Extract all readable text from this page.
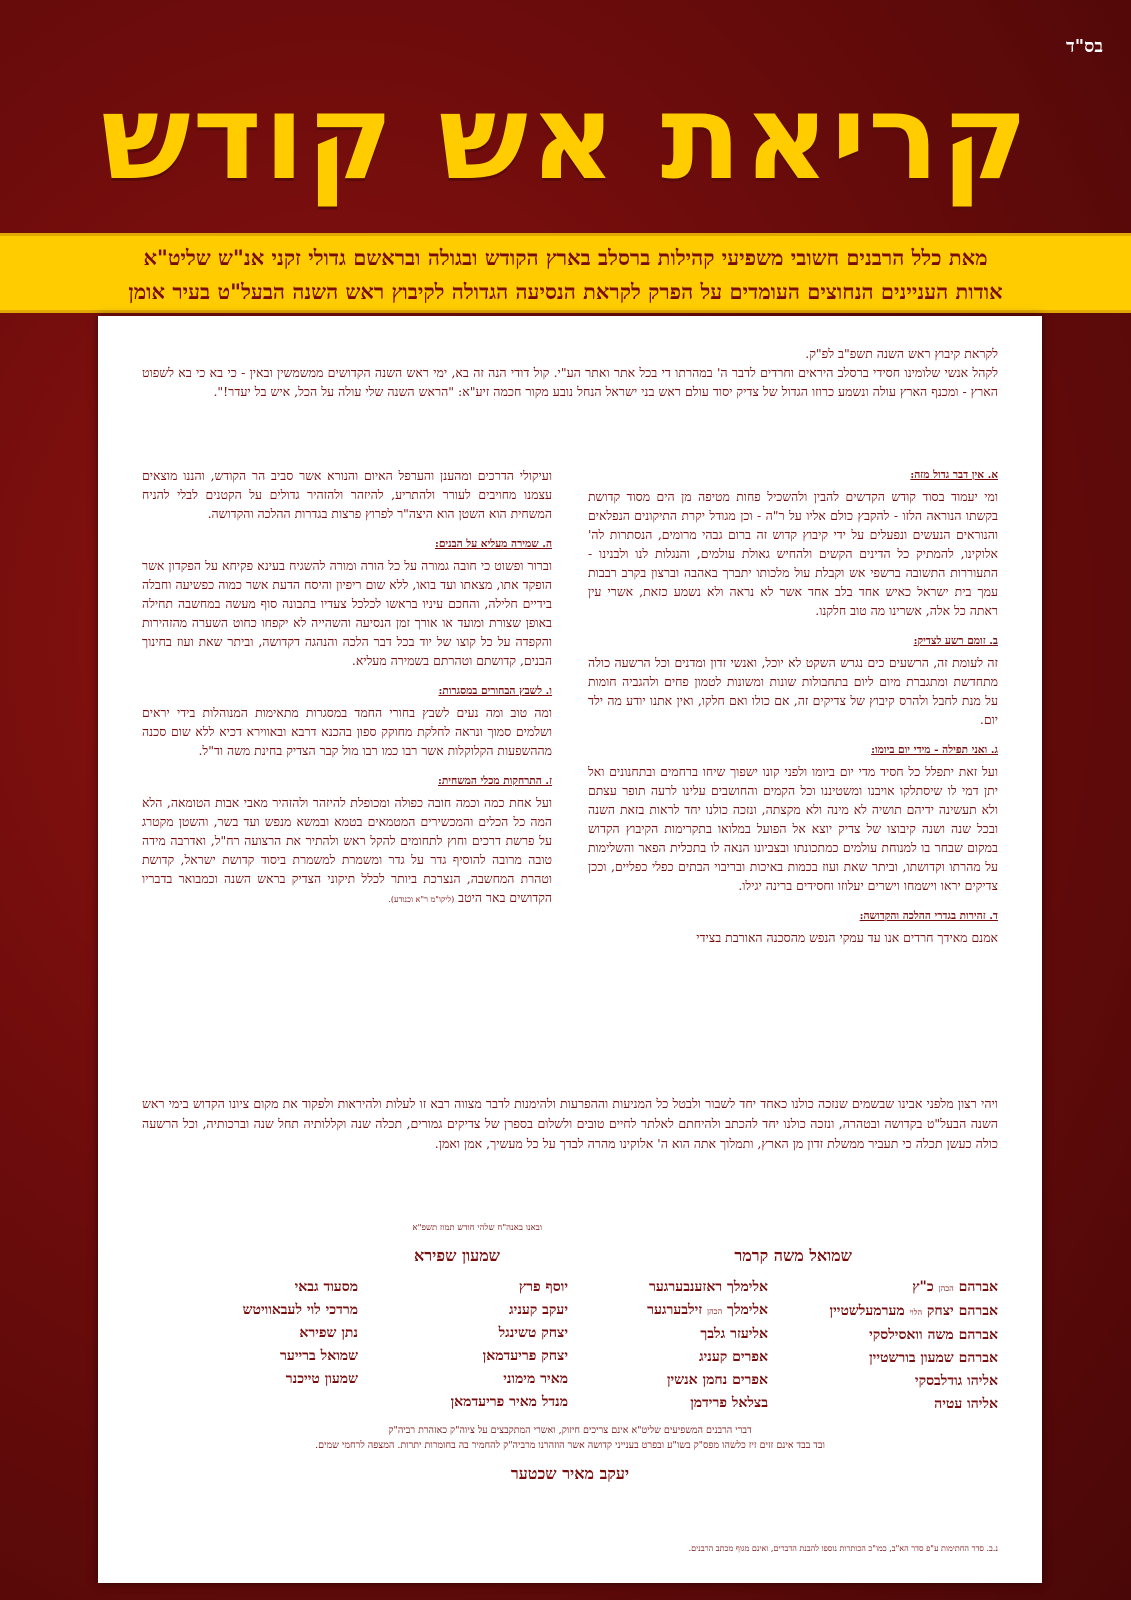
בס"ד
קריאת אש קודש
מאת כלל הרבנים חשובי משפיעי קהילות ברסלב בארץ הקודש ובגולה ובראשם גדולי זקני אנ"ש שליט"א
אודות העניינים הנחוצים העומדים על הפרק לקראת הנסיעה הגדולה לקיבוץ ראש השנה הבעל"ט בעיר אומן

לקראת קיבוץ ראש השנה תשפ"ב לפ"ק.

לקהל אנשי שלומינו חסידי ברסלב היראים וחרדים לדבר ה' במהרתו די בכל אתר ואתר הע"י. קול דודי הנה זה בא, ימי ראש השנה הקדושים ממשמשין ובאין - כי בא כי בא לשפוט הארץ - ומכנף הארץ עולה ונשמע כרוזו הגדול של צדיק יסוד עולם ראש בני ישראל הנחל נובע מקור חכמה זיע"א: "הראש השנה שלי עולה על הכל, איש בל יעדר!".

א. אין דבר גדול מזה:

ומי יעמוד בסוד קודש הקדשים להבין ולהשכיל פחות מטיפה מן הים מסוד קדושת בקשתו הנוראה הלזו - להקבץ כולם אליו על ר"ה - וכן מגודל יקרת התיקונים הנפלאים והנוראים הנעשים ונפעלים על ידי קיבוץ קדוש זה ברום גבהי מרומים, הנסתרות לה' אלוקינו, להמתיק כל הדינים הקשים ולהחיש גאולת עולמים, והנגלות לנו ולבנינו - התעוררות התשובה ברשפי אש וקבלת עול מלכותו יתברך באהבה וברצון בקרב רבבות עמך בית ישראל כאיש אחד בלב אחד אשר לא נראה ולא נשמע כזאת, אשרי עין ראתה כל אלה, אשרינו מה טוב חלקנו.

ב. זומם רשע לצדיק:

זה לעומת זה, הרשעים כים נגרש השקט לא יוכל, ואנשי זדון ומדנים וכל הרשעה כולה מתחדשת ומתגברת מיום ליום בתחבולות שונות ומשונות לטמון פחים ולהגביה חומות על מנת לחבל ולהרס קיבוץ של צדיקים זה, אם כולו ואם חלקו, ואין אתנו יודע מה ילד יום.

ג. ואני תפילה - מידי יום ביומו:

ועל זאת יתפלל כל חסיד מדי יום ביומו ולפני קונו ישפוך שיחו ברחמים ובתחנונים ואל יתן דמי לו שיסתלקו אויבנו ומשטיננו וכל הקמים והחושבים עלינו לרעה תופר עצתם ולא תעשינה ידיהם תושיה לא מינה ולא מקצתה, ונזכה כולנו יחד לראות בזאת השנה ובכל שנה ושנה קיבוצו של צדיק יוצא אל הפועל במלואו בתקרימות הקיבוץ הקדוש במקום שבחר בו למנוחת עולמים כמתכונתו ובצביונו הנאה לו בתכלית הפאר והשלימות על מהרתו וקדושתו, וביתר שאת ועוז בכמות באיכות ובריבוי הבתים כפלי כפליים, וככן צדיקים יראו וישמחו וישרים יעלוזו וחסידים ברינה יגילו.

ד. זהירות בגדרי ההלכה והקדושה:

אמנם מאידך חרדים אנו עד עמקי הנפש מהסכנה האורבת בצידי

ועיקולי הדרכים ומהענן והערפל האיום והנורא אשר סביב הר הקודש, והננו מוצאים עצמנו מחויבים לעורר ולהתריע, להיזהר ולהזהיר גדולים על הקטנים לבלי להניח המשחית הוא השטן הוא היצה"ר לפרוץ פרצות בגדרות ההלכה והקדושה.

ה. שמירה מעליא על הבנים:

וברור ופשוט כי חובה גמורה על כל הורה ומורה להשגיח בעינא פקיחא על הפקדון אשר הופקד אתו, מצאתו ועד בואו, ללא שום ריפיון והיסח הדעת אשר כמוה כפשיעה וחבלה בידיים חלילה, והחכם עיניו בראשו לכלכל צעדיו בתבונה סוף מעשה במחשבה תחילה באופן שצורת ומועד או אורך זמן הנסיעה והשהייה לא יקפחו כחוט השערה מהזהירות והקפדה על כל קוצו של יוד בכל דבר הלכה והנהגה דקדושה, וביתר שאת ועוז בחינוך הבנים, קדושתם וטהרתם בשמירה מעליא.

ו. לשבץ הבחורים במסגרות:

ומה טוב ומה נעים לשבץ בחורי החמד במסגרות מתאימות המנוהלות בידי יראים ושלמים סמוך ונראה לחלקת מחוקק ספון בהכנא דרבא ובאווירא דכיא ללא שום סכנה מההשפעות הקלוקלות אשר רבו כמו רבו מול קבר הצדיק בחינת משה וד"ל.

ז. התרחקות מכלי המשחית:

ועל אחת כמה וכמה חובה כפולה ומכופלת להיזהר ולהזהיר מאבי אבות הטומאה, הלא המה כל הכלים והמכשירים המטמאים בטמא ובמשא מנפש ועד בשר, והשטן מקטרג על פרשת דרכים וחוץ לתחומים להקל ראש ולהתיר את הרצועה רח"ל, ואדרבה מידה טובה מרובה להוסיף גדר על גדר ומשמרת למשמרת ביסוד קדושת ישראל, קדושת וטהרת המחשבה, הנצרכת ביותר לכלל תיקוני הצדיק בראש השנה וכמבואר בדבריו הקדושים באר היטב (ליקו"מ ר"א וכנודע).

ויהי רצון מלפני אבינו שבשמים שנזכה כולנו כאחד יחד לשבור ולבטל כל המניעות וההפרעות ולהימנות לדבר מצווה רבא זו לעלות ולהיראות ולפקוד את מקום ציונו הקדוש בימי ראש השנה הבעל"ט בקדושה ובטהרה, ונזכה כולנו יחד להכתב ולהיחתם לאלתר לחיים טובים ולשלום בספרן של צדיקים גמורים, תכלה שנה וקללותיה תחל שנה וברכותיה, וכל הרשעה כולה כעשן תכלה כי תעביר ממשלת זדון מן הארץ, ותמלוך אתה הוא ה' אלוקינו מהרה לבדך על כל מעשיך, אמן ואמן.
ובאנו באנה"ח שלהי חודש תמוז תשפ"א
שמואל משה קרמר
שמעון שפירא
אברהם הכהן כ"ץ
אברהם יצחק הלוי מערמעלשטיין
אברהם משה וואסילסקי
אברהם שמעון בורשטיין
אליהו גודלבסקי
אליהו עטיה
אלימלך ראזענבערגער
אלימלך הכהן זילבערגער
אליעזר גלבך
אפרים קעניג
אפרים נחמן אנשין
בצלאל פרידמן
יוסף פרץ
יעקב קעניג
יצחק טשינגל
יצחק פריעדמאן
מאיר מימוני
מנדל מאיר פריעדמאן
מסעוד גבאי
מרדכי לוי לעבאוויטש
נתן שפירא
שמואל ברייער
שמעון טייכנר
דברי הרבנים המשפיעים שליט"א אינם צריכים חיזוק, ואשרי המתקבצים על ציוה"ק כאזהרת רביה"ק
ובד בבד אינם זזים זיז כלשהו מפס"ק בשו"ע ובפרט בענייני קדושה אשר הוזהרנו מרביה"ק להחמיר בה בחומרות יתרות. המצפה לרחמי שמים.
יעקב מאיר שכטער
נ.ב. סדר החתימות ע"פ סדר הא"ב, כמו"כ הכותרות נוספו להבנת הדברים, ואינם מגוף מכתב הרבנים.
